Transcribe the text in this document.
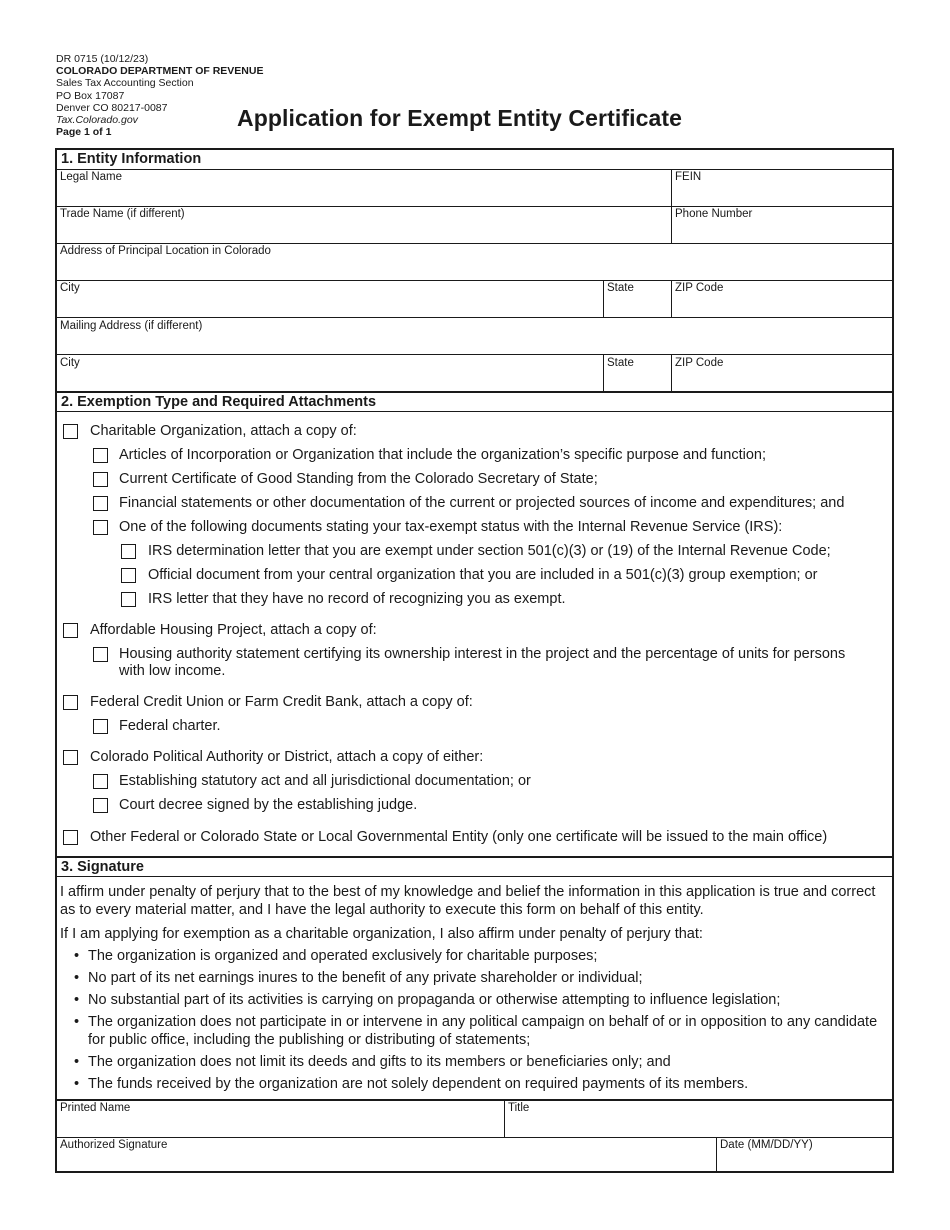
DR 0715 (10/12/23)
COLORADO DEPARTMENT OF REVENUE
Sales Tax Accounting Section
PO Box 17087
Denver CO 80217-0087
Tax.Colorado.gov
Page 1 of 1
Application for Exempt Entity Certificate
1. Entity Information
Legal Name	FEIN
Trade Name (if different)	Phone Number
Address of Principal Location in Colorado
City	State	ZIP Code
Mailing Address (if different)
City	State	ZIP Code
2. Exemption Type and Required Attachments
Charitable Organization, attach a copy of:
Articles of Incorporation or Organization that include the organization’s specific purpose and function;
Current Certificate of Good Standing from the Colorado Secretary of State;
Financial statements or other documentation of the current or projected sources of income and expenditures; and
One of the following documents stating your tax-exempt status with the Internal Revenue Service (IRS):
IRS determination letter that you are exempt under section 501(c)(3) or (19) of the Internal Revenue Code;
Official document from your central organization that you are included in a 501(c)(3) group exemption; or
IRS letter that they have no record of recognizing you as exempt.
Affordable Housing Project, attach a copy of:
Housing authority statement certifying its ownership interest in the project and the percentage of units for persons with low income.
Federal Credit Union or Farm Credit Bank, attach a copy of:
Federal charter.
Colorado Political Authority or District, attach a copy of either:
Establishing statutory act and all jurisdictional documentation; or
Court decree signed by the establishing judge.
Other Federal or Colorado State or Local Governmental Entity (only one certificate will be issued to the main office)
3. Signature
I affirm under penalty of perjury that to the best of my knowledge and belief the information in this application is true and correct as to every material matter, and I have the legal authority to execute this form on behalf of this entity.
If I am applying for exemption as a charitable organization, I also affirm under penalty of perjury that:
• The organization is organized and operated exclusively for charitable purposes;
• No part of its net earnings inures to the benefit of any private shareholder or individual;
• No substantial part of its activities is carrying on propaganda or otherwise attempting to influence legislation;
• The organization does not participate in or intervene in any political campaign on behalf of or in opposition to any candidate for public office, including the publishing or distributing of statements;
• The organization does not limit its deeds and gifts to its members or beneficiaries only; and
• The funds received by the organization are not solely dependent on required payments of its members.
Printed Name	Title
Authorized Signature	Date (MM/DD/YY)
